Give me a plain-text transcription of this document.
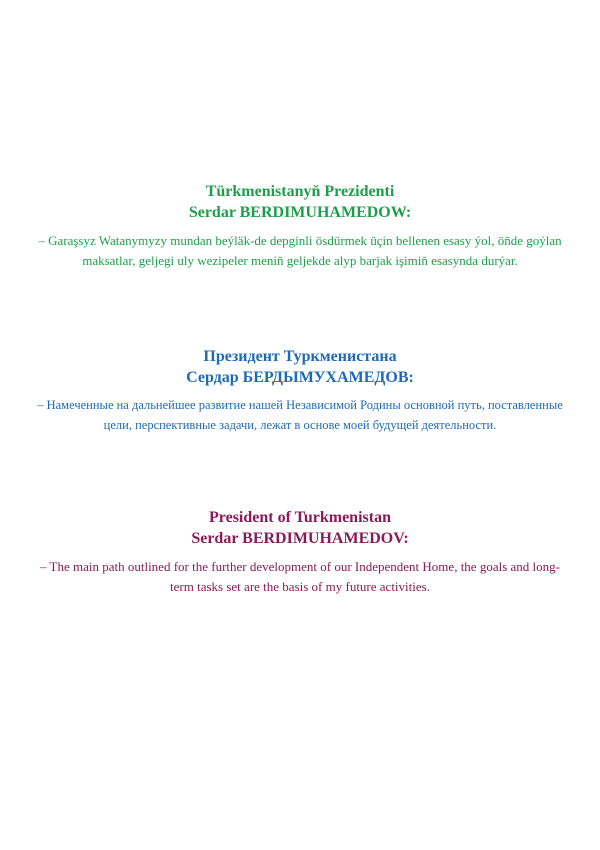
Türkmenistanyň Prezidenti
Serdar BERDIMUHAMEDOW:

– Garaşsyz Watanymyzy mundan beýläk-de depginli ösdürmek üçin bellenen esasy ýol, öňde goýlan maksatlar, geljegi uly wezipeler meniň geljekde alyp barjak işimiň esasynda durýar.

Президент Туркменистана
Сердар БЕРДЫМУХАМЕДОВ:

– Намеченные на дальнейшее развитие нашей Независимой Родины основной путь, поставленные цели, перспективные задачи, лежат в основе моей будущей деятельности.

President of Turkmenistan
Serdar BERDIMUHAMEDOV:

– The main path outlined for the further development of our Independent Home, the goals and long-term tasks set are the basis of my future activities.
